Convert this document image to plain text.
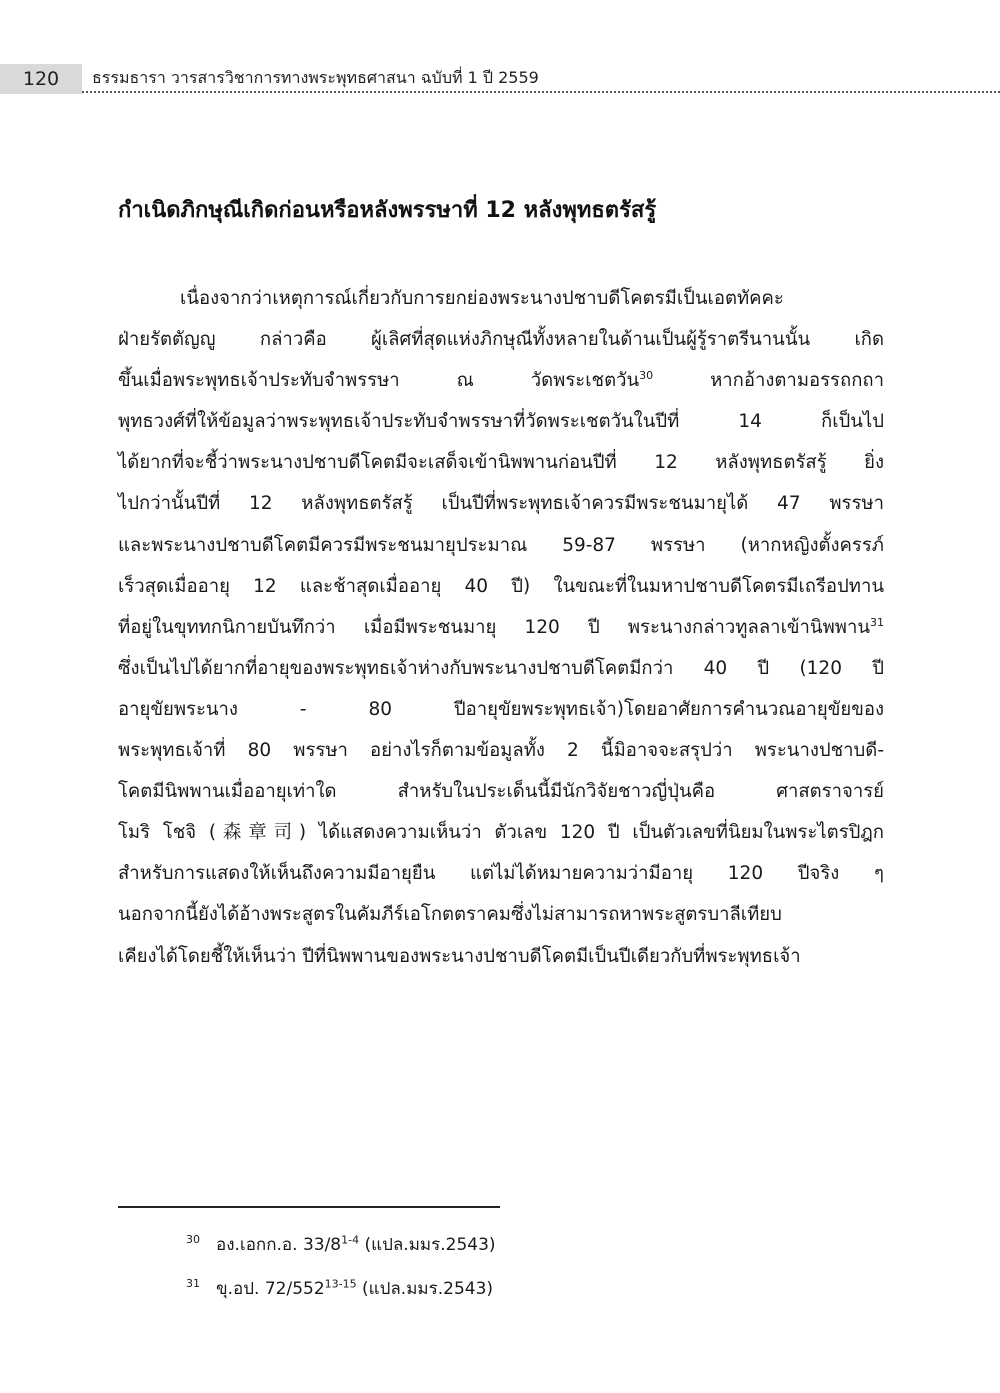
120 ธรรมธารา วารสารวิชาการทางพระพุทธศาสนา ฉบับที่ 1 ปี 2559
กำเนิดภิกษุณีเกิดก่อนหรือหลังพรรษาที่ 12 หลังพุทธตรัสรู้
เนื่องจากว่าเหตุการณ์เกี่ยวกับการยกย่องพระนางปชาบดีโคตรมีเป็นเอตทัคคะ
ฝ่ายรัตตัญญู กล่าวคือ ผู้เลิศที่สุดแห่งภิกษุณีทั้งหลายในด้านเป็นผู้รู้ราตรีนานนั้น เกิด
ขึ้นเมื่อพระพุทธเจ้าประทับจำพรรษา ณ วัดพระเชตวัน$^{30}$ หากอ้างตามอรรถกถา
พุทธวงศ์ที่ให้ข้อมูลว่าพระพุทธเจ้าประทับจำพรรษาที่วัดพระเชตวันในปีที่ 14 ก็เป็นไป
ได้ยากที่จะชี้ว่าพระนางปชาบดีโคตมีจะเสด็จเข้านิพพานก่อนปีที่ 12 หลังพุทธตรัสรู้ ยิ่ง
ไปกว่านั้นปีที่ 12 หลังพุทธตรัสรู้ เป็นปีที่พระพุทธเจ้าควรมีพระชนมายุได้ 47 พรรษา
และพระนางปชาบดีโคตมีควรมีพระชนมายุประมาณ 59-87 พรรษา (หากหญิงตั้งครรภ์
เร็วสุดเมื่ออายุ 12 และช้าสุดเมื่ออายุ 40 ปี) ในขณะที่ในมหาปชาบดีโคตรมีเถรีอปทาน
ที่อยู่ในขุททกนิกายบันทึกว่า เมื่อมีพระชนมายุ 120 ปี พระนางกล่าวทูลลาเข้านิพพาน$^{31}$
ซึ่งเป็นไปได้ยากที่อายุของพระพุทธเจ้าห่างกับพระนางปชาบดีโคตมีกว่า 40 ปี (120 ปี
อายุขัยพระนาง - 80 ปีอายุขัยพระพุทธเจ้า)โดยอาศัยการคำนวณอายุขัยของ
พระพุทธเจ้าที่ 80 พรรษา อย่างไรก็ตามข้อมูลทั้ง 2 นี้มิอาจจะสรุปว่า พระนางปชาบดี-
โคตมีนิพพานเมื่ออายุเท่าใด สำหรับในประเด็นนี้มีนักวิจัยชาวญี่ปุ่นคือ ศาสตราจารย์
โมริ โชจิ (森章司) ได้แสดงความเห็นว่า ตัวเลข 120 ปี เป็นตัวเลขที่นิยมในพระไตรปิฎก
สำหรับการแสดงให้เห็นถึงความมีอายุยืน แต่ไม่ได้หมายความว่ามีอายุ 120 ปีจริง ๆ
นอกจากนี้ยังได้อ้างพระสูตรในคัมภีร์เอโกตตราคมซึ่งไม่สามารถหาพระสูตรบาลีเทียบ
เคียงได้โดยชี้ให้เห็นว่า ปีที่นิพพานของพระนางปชาบดีโคตมีเป็นปีเดียวกับที่พระพุทธเจ้า
$^{30}$ อง.เอกก.อ. 33/8$^{1-4}$ (แปล.มมร.2543)
$^{31}$ ขุ.อป. 72/552$^{13-15}$ (แปล.มมร.2543)
